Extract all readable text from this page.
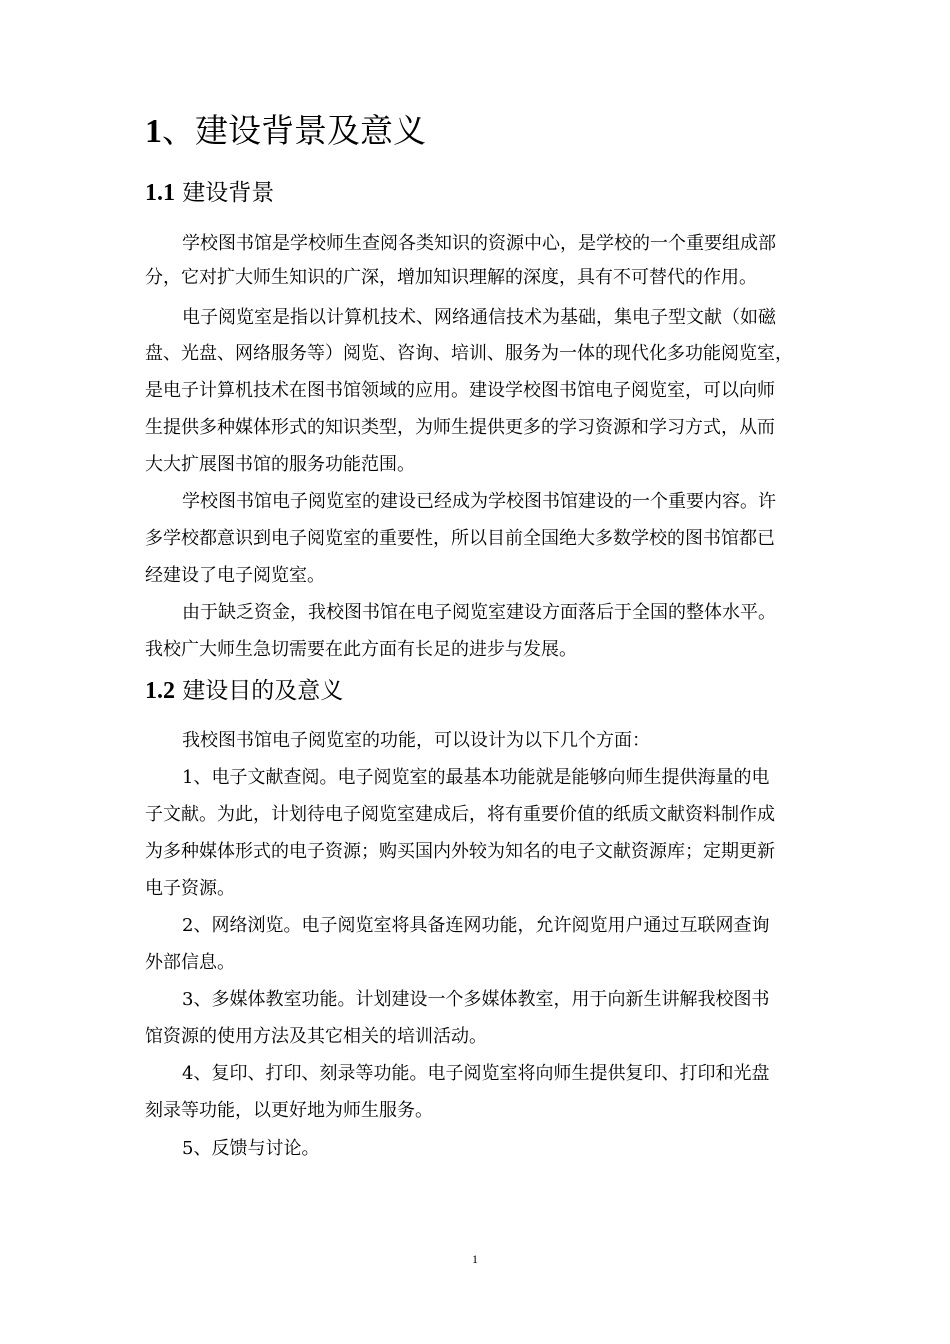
1、建设背景及意义
1.1 建设背景

学校图书馆是学校师生查阅各类知识的资源中心，是学校的一个重要组成部

分，它对扩大师生知识的广深，增加知识理解的深度，具有不可替代的作用。

电子阅览室是指以计算机技术、网络通信技术为基础，集电子型文献（如磁

盘、光盘、网络服务等）阅览、咨询、培训、服务为一体的现代化多功能阅览室，

是电子计算机技术在图书馆领域的应用。建设学校图书馆电子阅览室，可以向师

生提供多种媒体形式的知识类型，为师生提供更多的学习资源和学习方式，从而

大大扩展图书馆的服务功能范围。

学校图书馆电子阅览室的建设已经成为学校图书馆建设的一个重要内容。许

多学校都意识到电子阅览室的重要性，所以目前全国绝大多数学校的图书馆都已

经建设了电子阅览室。

由于缺乏资金，我校图书馆在电子阅览室建设方面落后于全国的整体水平。

我校广大师生急切需要在此方面有长足的进步与发展。

1.2 建设目的及意义

我校图书馆电子阅览室的功能，可以设计为以下几个方面：

1、电子文献查阅。电子阅览室的最基本功能就是能够向师生提供海量的电

子文献。为此，计划待电子阅览室建成后，将有重要价值的纸质文献资料制作成

为多种媒体形式的电子资源；购买国内外较为知名的电子文献资源库；定期更新

电子资源。

2、网络浏览。电子阅览室将具备连网功能，允许阅览用户通过互联网查询

外部信息。

3、多媒体教室功能。计划建设一个多媒体教室，用于向新生讲解我校图书

馆资源的使用方法及其它相关的培训活动。

4、复印、打印、刻录等功能。电子阅览室将向师生提供复印、打印和光盘

刻录等功能，以更好地为师生服务。

5、反馈与讨论。

1
